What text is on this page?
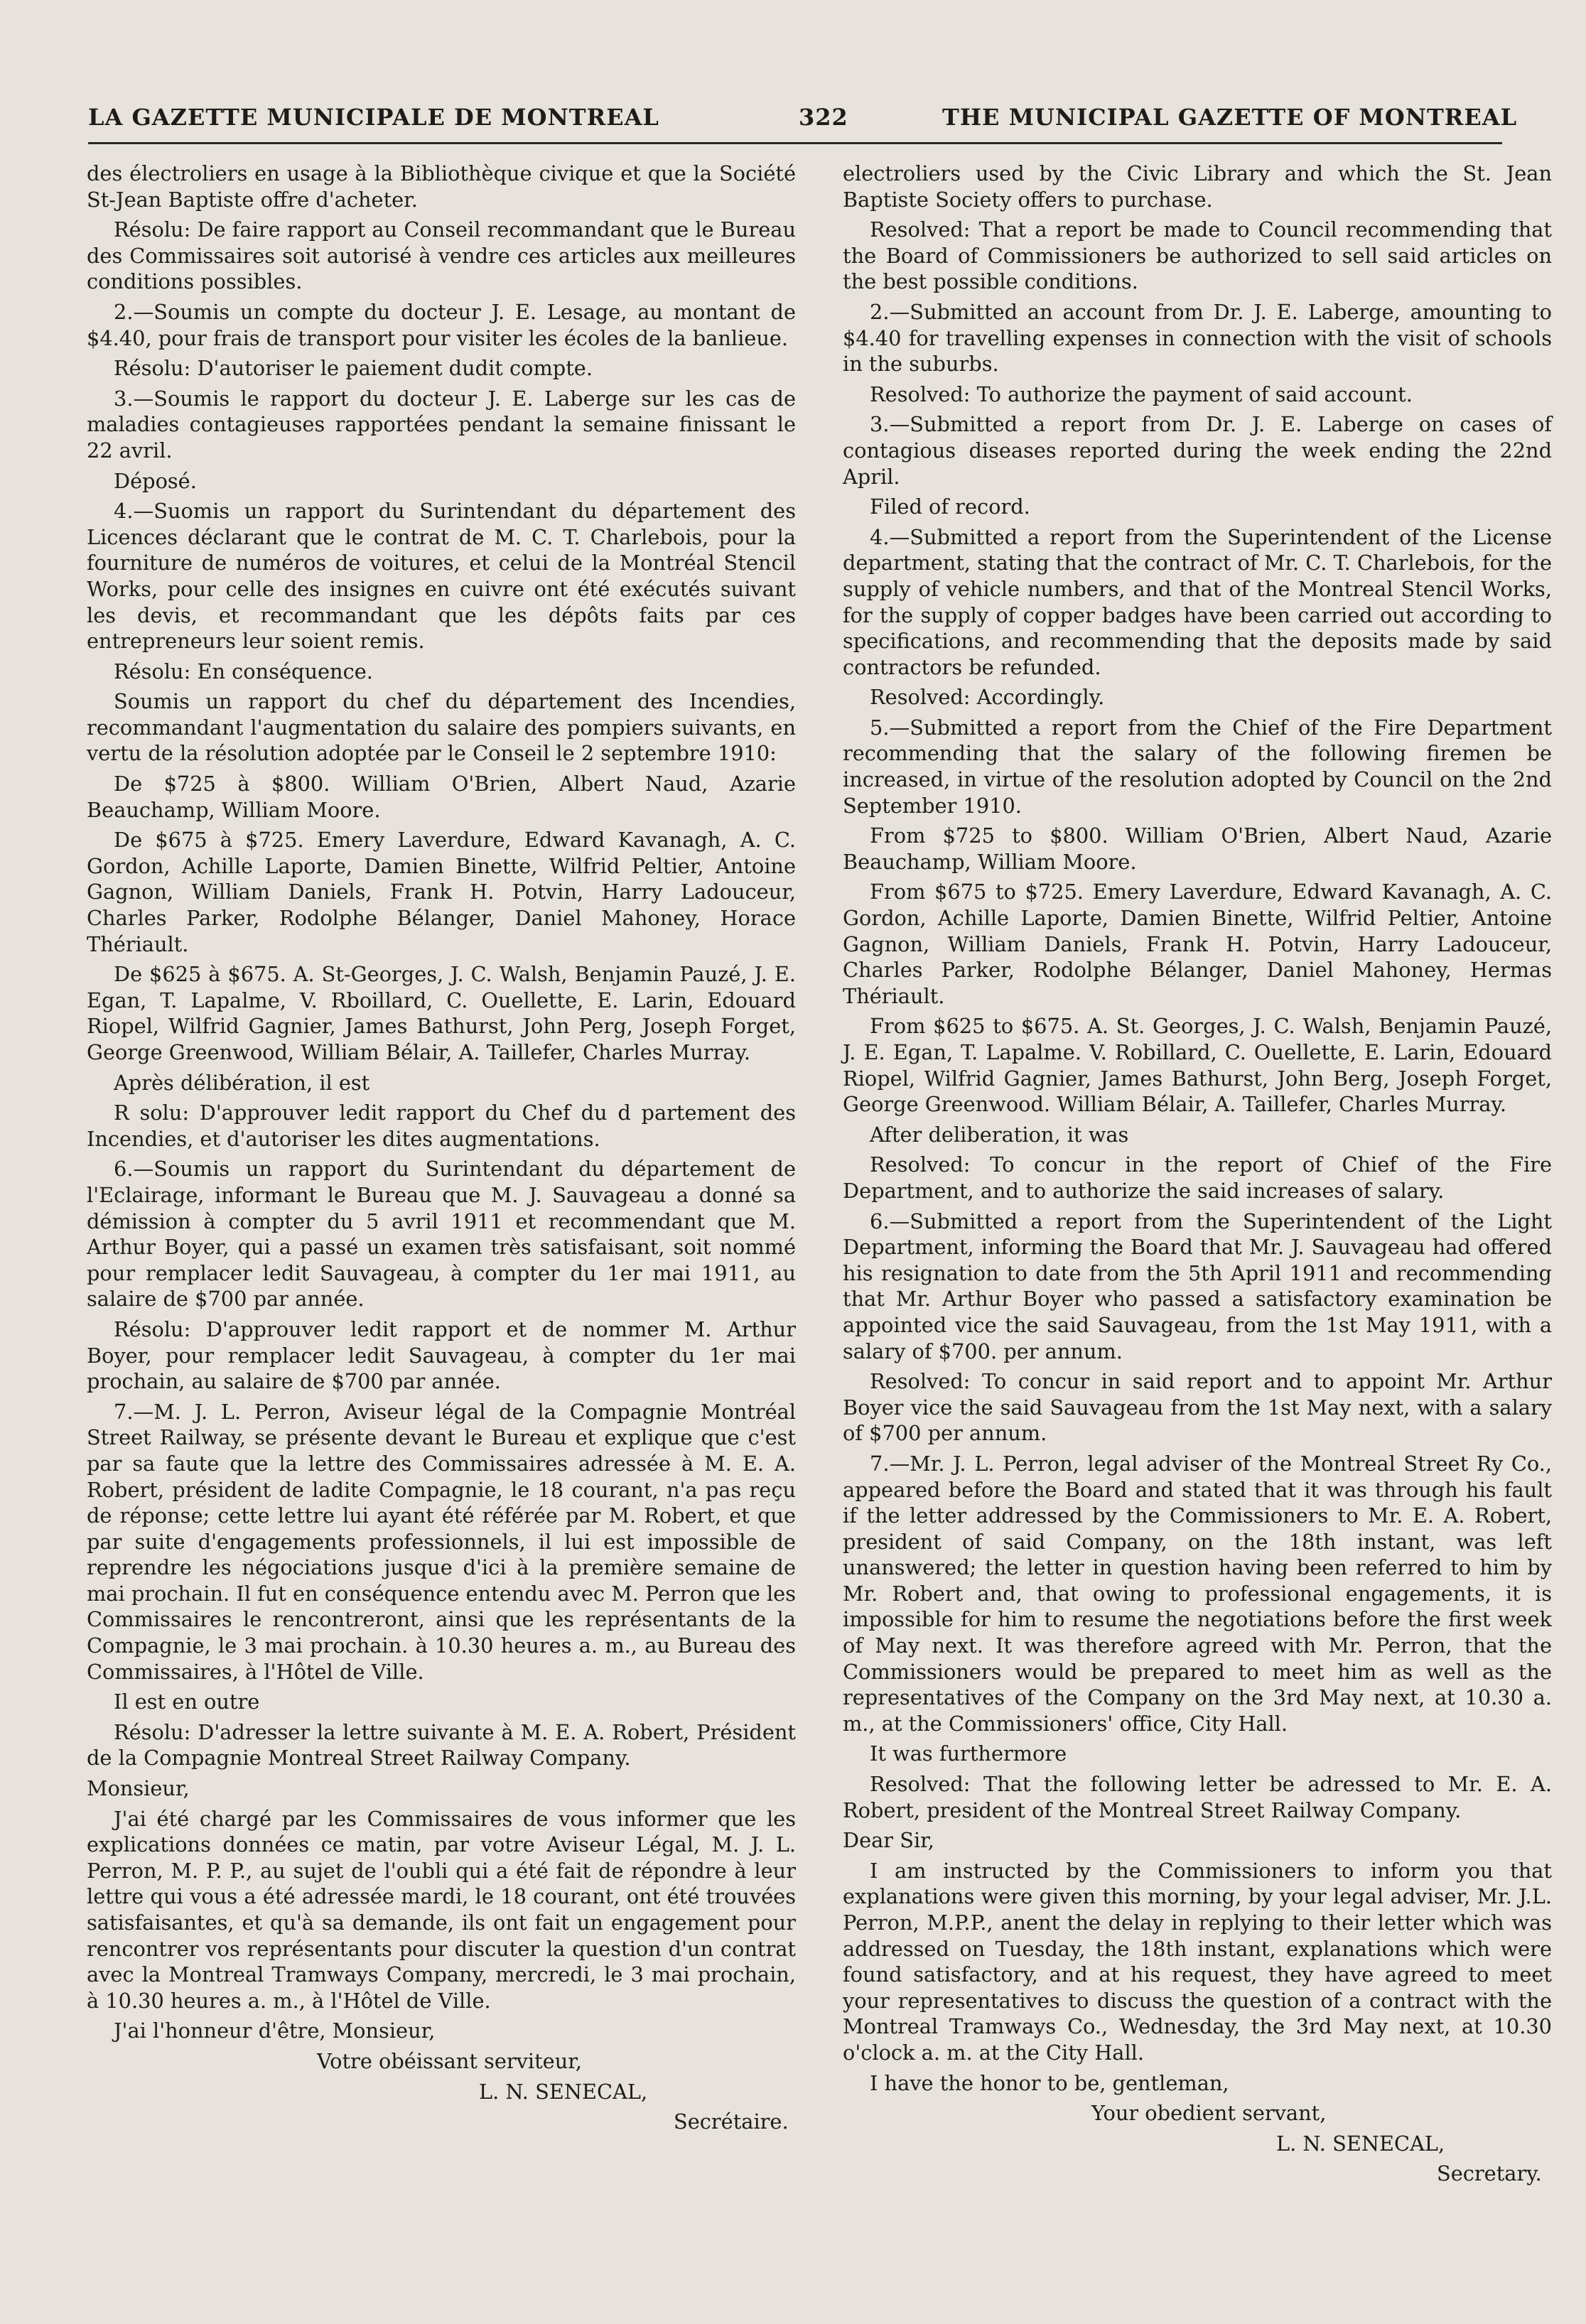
LA GAZETTE MUNICIPALE DE MONTREAL	322	THE MUNICIPAL GAZETTE OF MONTREAL

des électroliers en usage à la Bibliothèque civique et que la Société St-Jean Baptiste offre d'acheter.

Résolu: De faire rapport au Conseil recommandant que le Bureau des Commissaires soit autorisé à vendre ces articles aux meilleures conditions possibles.

2.—Soumis un compte du docteur J. E. Lesage, au montant de $4.40, pour frais de transport pour visiter les écoles de la banlieue.

Résolu: D'autoriser le paiement dudit compte.

3.—Soumis le rapport du docteur J. E. Laberge sur les cas de maladies contagieuses rapportées pendant la semaine finissant le 22 avril.

Déposé.

4.—Suomis un rapport du Surintendant du département des Licences déclarant que le contrat de M. C. T. Charlebois, pour la fourniture de numéros de voitures, et celui de la Montréal Stencil Works, pour celle des insignes en cuivre ont été exécutés suivant les devis, et recommandant que les dépôts faits par ces entrepreneurs leur soient remis.

Résolu: En conséquence.

Soumis un rapport du chef du département des Incendies, recommandant l'augmentation du salaire des pompiers suivants, en vertu de la résolution adoptée par le Conseil le 2 septembre 1910:

De $725 à $800. William O'Brien, Albert Naud, Azarie Beauchamp, William Moore.

De $675 à $725. Emery Laverdure, Edward Kavanagh, A. C. Gordon, Achille Laporte, Damien Binette, Wilfrid Peltier, Antoine Gagnon, William Daniels, Frank H. Potvin, Harry Ladouceur, Charles Parker, Rodolphe Bélanger, Daniel Mahoney, Horace Thériault.

De $625 à $675. A. St-Georges, J. C. Walsh, Benjamin Pauzé, J. E. Egan, T. Lapalme, V. Rboillard, C. Ouellette, E. Larin, Edouard Riopel, Wilfrid Gagnier, James Bathurst, John Perg, Joseph Forget, George Greenwood, William Bélair, A. Taillefer, Charles Murray.

Après délibération, il est

R solu: D'approuver ledit rapport du Chef du d partement des Incendies, et d'autoriser les dites augmentations.

6.—Soumis un rapport du Surintendant du département de l'Eclairage, informant le Bureau que M. J. Sauvageau a donné sa démission à compter du 5 avril 1911 et recommendant que M. Arthur Boyer, qui a passé un examen très satisfaisant, soit nommé pour remplacer ledit Sauvageau, à compter du 1er mai 1911, au salaire de $700 par année.

Résolu: D'approuver ledit rapport et de nommer M. Arthur Boyer, pour remplacer ledit Sauvageau, à compter du 1er mai prochain, au salaire de $700 par année.

7.—M. J. L. Perron, Aviseur légal de la Compagnie Montréal Street Railway, se présente devant le Bureau et explique que c'est par sa faute que la lettre des Commissaires adressée à M. E. A. Robert, président de ladite Compagnie, le 18 courant, n'a pas reçu de réponse; cette lettre lui ayant été référée par M. Robert, et que par suite d'engagements professionnels, il lui est impossible de reprendre les négociations jusque d'ici à la première semaine de mai prochain. Il fut en conséquence entendu avec M. Perron que les Commissaires le rencontreront, ainsi que les représentants de la Compagnie, le 3 mai prochain. à 10.30 heures a. m., au Bureau des Commissaires, à l'Hôtel de Ville.

Il est en outre

Résolu: D'adresser la lettre suivante à M. E. A. Robert, Président de la Compagnie Montreal Street Railway Company.

Monsieur,

J'ai été chargé par les Commissaires de vous informer que les explications données ce matin, par votre Aviseur Légal, M. J. L. Perron, M. P. P., au sujet de l'oubli qui a été fait de répondre à leur lettre qui vous a été adressée mardi, le 18 courant, ont été trouvées satisfaisantes, et qu'à sa demande, ils ont fait un engagement pour rencontrer vos représentants pour discuter la question d'un contrat avec la Montreal Tramways Company, mercredi, le 3 mai prochain, à 10.30 heures a. m., à l'Hôtel de Ville.

J'ai l'honneur d'être, Monsieur,

Votre obéissant serviteur,

L. N. SENECAL,

Secrétaire.

electroliers used by the Civic Library and which the St. Jean Baptiste Society offers to purchase.

Resolved: That a report be made to Council recommending that the Board of Commissioners be authorized to sell said articles on the best possible conditions.

2.—Submitted an account from Dr. J. E. Laberge, amounting to $4.40 for travelling expenses in connection with the visit of schools in the suburbs.

Resolved: To authorize the payment of said account.

3.—Submitted a report from Dr. J. E. Laberge on cases of contagious diseases reported during the week ending the 22nd April.

Filed of record.

4.—Submitted a report from the Superintendent of the License department, stating that the contract of Mr. C. T. Charlebois, for the supply of vehicle numbers, and that of the Montreal Stencil Works, for the supply of copper badges have been carried out according to specifications, and recommending that the deposits made by said contractors be refunded.

Resolved: Accordingly.

5.—Submitted a report from the Chief of the Fire Department recommending that the salary of the following firemen be increased, in virtue of the resolution adopted by Council on the 2nd September 1910.

From $725 to $800. William O'Brien, Albert Naud, Azarie Beauchamp, William Moore.

From $675 to $725. Emery Laverdure, Edward Kavanagh, A. C. Gordon, Achille Laporte, Damien Binette, Wilfrid Peltier, Antoine Gagnon, William Daniels, Frank H. Potvin, Harry Ladouceur, Charles Parker, Rodolphe Bélanger, Daniel Mahoney, Hermas Thériault.

From $625 to $675. A. St. Georges, J. C. Walsh, Benjamin Pauzé, J. E. Egan, T. Lapalme. V. Robillard, C. Ouellette, E. Larin, Edouard Riopel, Wilfrid Gagnier, James Bathurst, John Berg, Joseph Forget, George Greenwood. William Bélair, A. Taillefer, Charles Murray.

After deliberation, it was

Resolved: To concur in the report of Chief of the Fire Department, and to authorize the said increases of salary.

6.—Submitted a report from the Superintendent of the Light Department, informing the Board that Mr. J. Sauvageau had offered his resignation to date from the 5th April 1911 and recommending that Mr. Arthur Boyer who passed a satisfactory examination be appointed vice the said Sauvageau, from the 1st May 1911, with a salary of $700. per annum.

Resolved: To concur in said report and to appoint Mr. Arthur Boyer vice the said Sauvageau from the 1st May next, with a salary of $700 per annum.

7.—Mr. J. L. Perron, legal adviser of the Montreal Street Ry Co., appeared before the Board and stated that it was through his fault if the letter addressed by the Commissioners to Mr. E. A. Robert, president of said Company, on the 18th instant, was left unanswered; the letter in question having been referred to him by Mr. Robert and, that owing to professional engagements, it is impossible for him to resume the negotiations before the first week of May next. It was therefore agreed with Mr. Perron, that the Commissioners would be prepared to meet him as well as the representatives of the Company on the 3rd May next, at 10.30 a. m., at the Commissioners' office, City Hall.

It was furthermore

Resolved: That the following letter be adressed to Mr. E. A. Robert, president of the Montreal Street Railway Company.

Dear Sir,

I am instructed by the Commissioners to inform you that explanations were given this morning, by your legal adviser, Mr. J.L. Perron, M.P.P., anent the delay in replying to their letter which was addressed on Tuesday, the 18th instant, explanations which were found satisfactory, and at his request, they have agreed to meet your representatives to discuss the question of a contract with the Montreal Tramways Co., Wednesday, the 3rd May next, at 10.30 o'clock a. m. at the City Hall.

I have the honor to be, gentleman,

Your obedient servant,

L. N. SENECAL,

Secretary.
